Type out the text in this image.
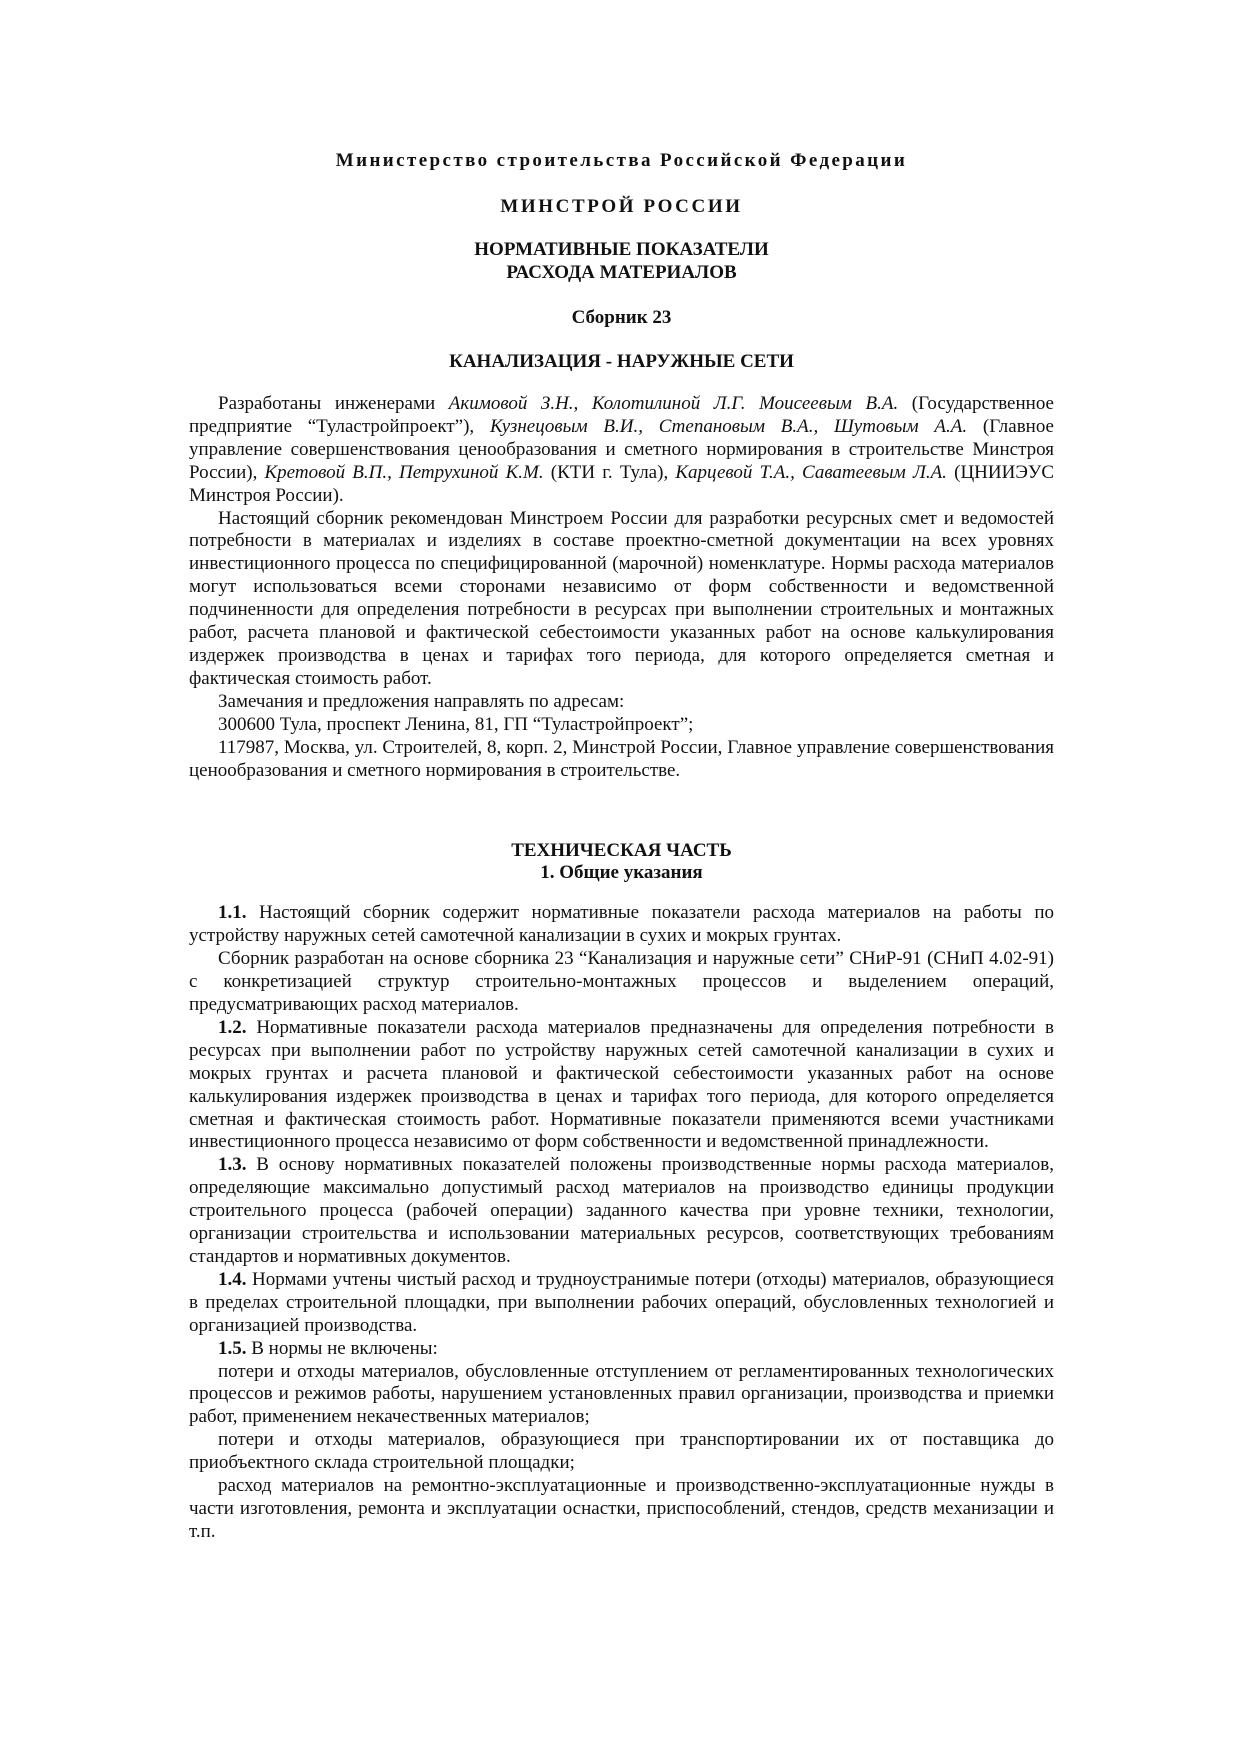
Министерство строительства Российской Федерации
МИНСТРОЙ РОССИИ
НОРМАТИВНЫЕ ПОКАЗАТЕЛИ
РАСХОДА МАТЕРИАЛОВ
Сборник 23
КАНАЛИЗАЦИЯ - НАРУЖНЫЕ СЕТИ

Разработаны инженерами Акимовой З.Н., Колотилиной Л.Г. Моисеевым В.А. (Государственное предприятие “Туластройпроект”), Кузнецовым В.И., Степановым В.А., Шутовым А.А. (Главное управление совершенствования ценообразования и сметного нормирования в строительстве Минстроя России), Кретовой В.П., Петрухиной К.М. (КТИ г. Тула), Карцевой Т.А., Саватеевым Л.А. (ЦНИИЭУС Минстроя России).

Настоящий сборник рекомендован Минстроем России для разработки ресурсных смет и ведомостей потребности в материалах и изделиях в составе проектно-сметной документации на всех уровнях инвестиционного процесса по специфицированной (марочной) номенклатуре. Нормы расхода материалов могут использоваться всеми сторонами независимо от форм собственности и ведомственной подчиненности для определения потребности в ресурсах при выполнении строительных и монтажных работ, расчета плановой и фактической себестоимости указанных работ на основе калькулирования издержек производства в ценах и тарифах того периода, для которого определяется сметная и фактическая стоимость работ.

Замечания и предложения направлять по адресам:

300600 Тула, проспект Ленина, 81, ГП “Туластройпроект”;

117987, Москва, ул. Строителей, 8, корп. 2, Минстрой России, Главное управление совершенствования ценообразования и сметного нормирования в строительстве.

ТЕХНИЧЕСКАЯ ЧАСТЬ
1. Общие указания

1.1. Настоящий сборник содержит нормативные показатели расхода материалов на работы по устройству наружных сетей самотечной канализации в сухих и мокрых грунтах.

Сборник разработан на основе сборника 23 “Канализация и наружные сети” СНиР-91 (СНиП 4.02-91) с конкретизацией структур строительно-монтажных процессов и выделением операций, предусматривающих расход материалов.

1.2. Нормативные показатели расхода материалов предназначены для определения потребности в ресурсах при выполнении работ по устройству наружных сетей самотечной канализации в сухих и мокрых грунтах и расчета плановой и фактической себестоимости указанных работ на основе калькулирования издержек производства в ценах и тарифах того периода, для которого определяется сметная и фактическая стоимость работ. Нормативные показатели применяются всеми участниками инвестиционного процесса независимо от форм собственности и ведомственной принадлежности.

1.3. В основу нормативных показателей положены производственные нормы расхода материалов, определяющие максимально допустимый расход материалов на производство единицы продукции строительного процесса (рабочей операции) заданного качества при уровне техники, технологии, организации строительства и использовании материальных ресурсов, соответствующих требованиям стандартов и нормативных документов.

1.4. Нормами учтены чистый расход и трудноустранимые потери (отходы) материалов, образующиеся в пределах строительной площадки, при выполнении рабочих операций, обусловленных технологией и организацией производства.

1.5. В нормы не включены:

потери и отходы материалов, обусловленные отступлением от регламентированных технологических процессов и режимов работы, нарушением установленных правил организации, производства и приемки работ, применением некачественных материалов;

потери и отходы материалов, образующиеся при транспортировании их от поставщика до приобъектного склада строительной площадки;

расход материалов на ремонтно-эксплуатационные и производственно-эксплуатационные нужды в части изготовления, ремонта и эксплуатации оснастки, приспособлений, стендов, средств механизации и т.п.
